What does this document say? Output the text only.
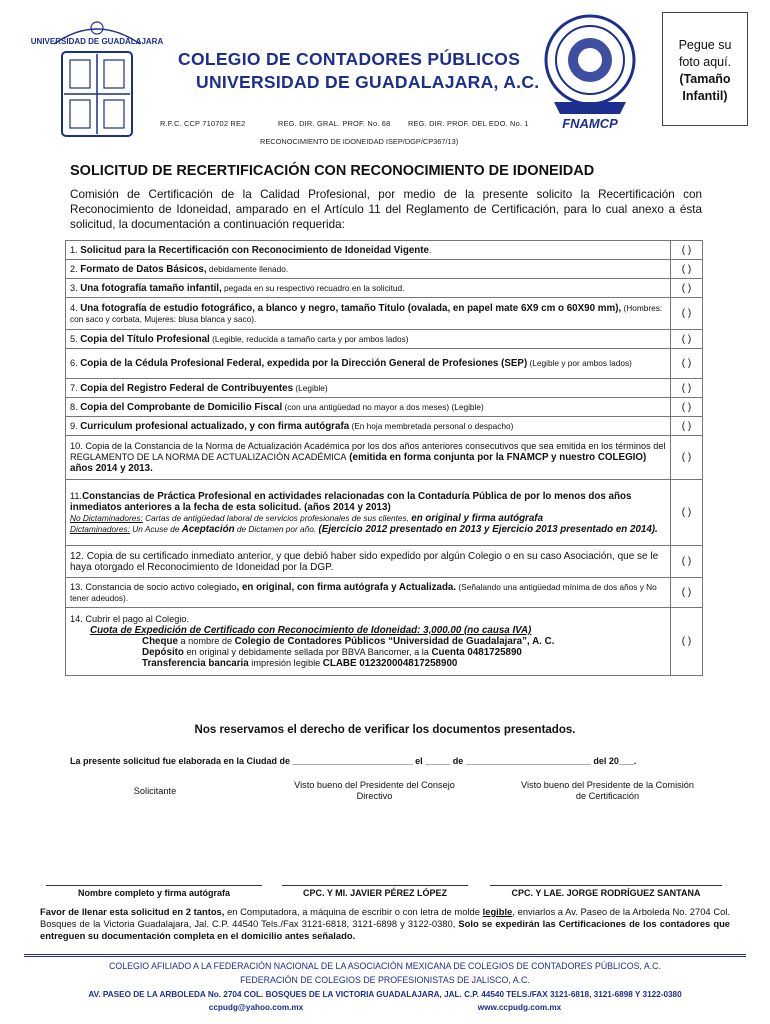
UNIVERSIDAD DE GUADALAJARA
COLEGIO DE CONTADORES PÚBLICOS
UNIVERSIDAD DE GUADALAJARA, A.C.
R.F.C. CCP 710702 RE2	REG. DIR. GRAL. PROF. No. 68 REG. DIR. PROF. DEL EDO. No. 1
RECONOCIMIENTO DE IDONEIDAD ISEP/DGP/CP367/13)
FNAMCP
Pegue su
foto aquí.
(Tamaño
Infantil)
SOLICITUD DE RECERTIFICACIÓN CON RECONOCIMIENTO DE IDONEIDAD
Comisión de Certificación de la Calidad Profesional, por medio de la presente solicito la Recertificación con Reconocimiento de Idoneidad, amparado en el Artículo 11 del Reglamento de Certificación, para lo cual anexo a ésta solicitud, la documentación a continuación requerida:
1. Solicitud para la Recertificación con Reconocimiento de Idoneidad Vigente.	( )
2. Formato de Datos Básicos, debidamente llenado.	( )
3. Una fotografía tamaño infantil, pegada en su respectivo recuadro en la solicitud.	( )
4. Una fotografía de estudio fotográfico, a blanco y negro, tamaño Titulo (ovalada, en papel mate 6X9 cm o 60X90 mm), (Hombres: con saco y corbata, Mujeres: blusa blanca y saco).	( )
5. Copia del Título Profesional (Legible, reducida a tamaño carta y por ambos lados)	( )
6. Copia de la Cédula Profesional Federal, expedida por la Dirección General de Profesiones (SEP) (Legible y por ambos lados)	( )
7. Copia del Registro Federal de Contribuyentes (Legible)	( )
8. Copia del Comprobante de Domicilio Fiscal (con una antigüedad no mayor a dos meses) (Legible)	( )
9. Curriculum profesional actualizado, y con firma autógrafa (En hoja membretada personal o despacho)	( )
10. Copia de la Constancia de la Norma de Actualización Académica por los dos años anteriores consecutivos que sea emitida en los términos del REGLAMENTO DE LA NORMA DE ACTUALIZACIÓN ACADÉMICA (emitida en forma conjunta por la FNAMCP y nuestro COLEGIO) años 2014 y 2013.	( )
11.Constancias de Práctica Profesional en actividades relacionadas con la Contaduría Pública de por lo menos dos años inmediatos anteriores a la fecha de esta solicitud. (años 2014 y 2013)
No Dictaminadores: Cartas de antigüedad laboral de servicios profesionales de sus clientes, en original y firma autógrafa
Dictaminadores: Un Acuse de Aceptación de Dictamen por año. (Ejercicio 2012 presentado en 2013 y Ejercicio 2013 presentado en 2014).	( )
12. Copia de su certificado inmediato anterior, y que debió haber sido expedido por algún Colegio o en su caso Asociación, que se le haya otorgado el Reconocimiento de Idoneidad por la DGP.	( )
13. Constancia de socio activo colegiado, en original, con firma autógrafa y Actualizada. (Señalando una antigüedad mínima de dos años y No tener adeudos).	( )
14. Cubrir el pago al Colegio.
Cuota de Expedición de Certificado con Reconocimiento de Idoneidad: 3,000.00 (no causa IVA)
Cheque a nombre de Colegio de Contadores Públicos “Universidad de Guadalajara”, A. C.
Depósito en original y debidamente sellada por BBVA Bancomer, a la Cuenta 0481725890
Transferencia bancaria impresión legible CLABE 012320004817258900	( )
Nos reservamos el derecho de verificar los documentos presentados.
La presente solicitud fue elaborada en la Ciudad de ________________________ el _____ de _________________________ del 20___.
Solicitante
Visto bueno del Presidente del Consejo Directivo
Visto bueno del Presidente de la Comisión de Certificación
Nombre completo y firma autógrafa	CPC. Y MI. JAVIER PÉREZ LÓPEZ	CPC. Y LAE. JORGE RODRÍGUEZ SANTANA
Favor de llenar esta solicitud en 2 tantos, en Computadora, a máquina de escribir o con letra de molde legible, enviarlos a Av. Paseo de la Arboleda No. 2704 Col. Bosques de la Victoria Guadalajara, Jal. C.P. 44540 Tels./Fax 3121-6818, 3121-6898 y 3122-0380, Solo se expedirán las Certificaciones de los contadores que entreguen su documentación completa en el domicilio antes señalado.
COLEGIO AFILIADO A LA FEDERACIÓN NACIONAL DE LA ASOCIACIÓN MEXICANA DE COLEGIOS DE CONTADORES PÚBLICOS, A.C.
FEDERACIÓN DE COLEGIOS DE PROFESIONISTAS DE JALISCO, A.C.
AV. PASEO DE LA ARBOLEDA No. 2704 COL. BOSQUES DE LA VICTORIA GUADALAJARA, JAL. C.P. 44540 TELS./FAX 3121-6818, 3121-6898 Y 3122-0380
ccpudg@yahoo.com.mx	www.ccpudg.com.mx
